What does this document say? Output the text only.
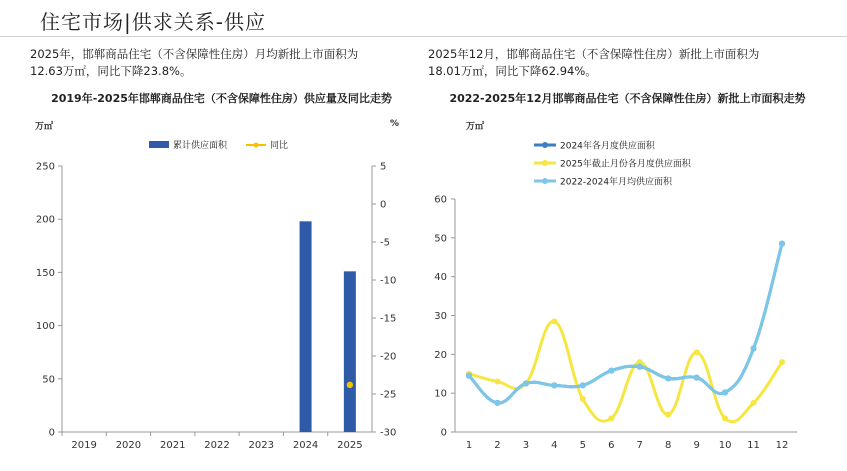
住宅市场|供求关系-供应
2025年，邯郸商品住宅（不含保障性住房）月均新批上市面积为
12.63万㎡，同比下降23.8%。
2019年-2025年邯郸商品住宅（不含保障性住房）供应量及同比走势
万㎡	%
2025年12月，邯郸商品住宅（不含保障性住房）新批上市面积为
18.01万㎡，同比下降62.94%。
2022-2025年12月邯郸商品住宅（不含保障性住房）新批上市面积走势
万㎡
0
50
100
150
200
250	5
0
-5
-10
-15
-20
-25
-30
2019 2020 2021 2022 2023 2024 2025
累计供应面积	同比
0
10
20
30
40
50
60
1 2 3 4 5 6 7 8 9 10 11 12
2024年各月度供应面积
2025年截止月份各月度供应面积
2022-2024年月均供应面积
